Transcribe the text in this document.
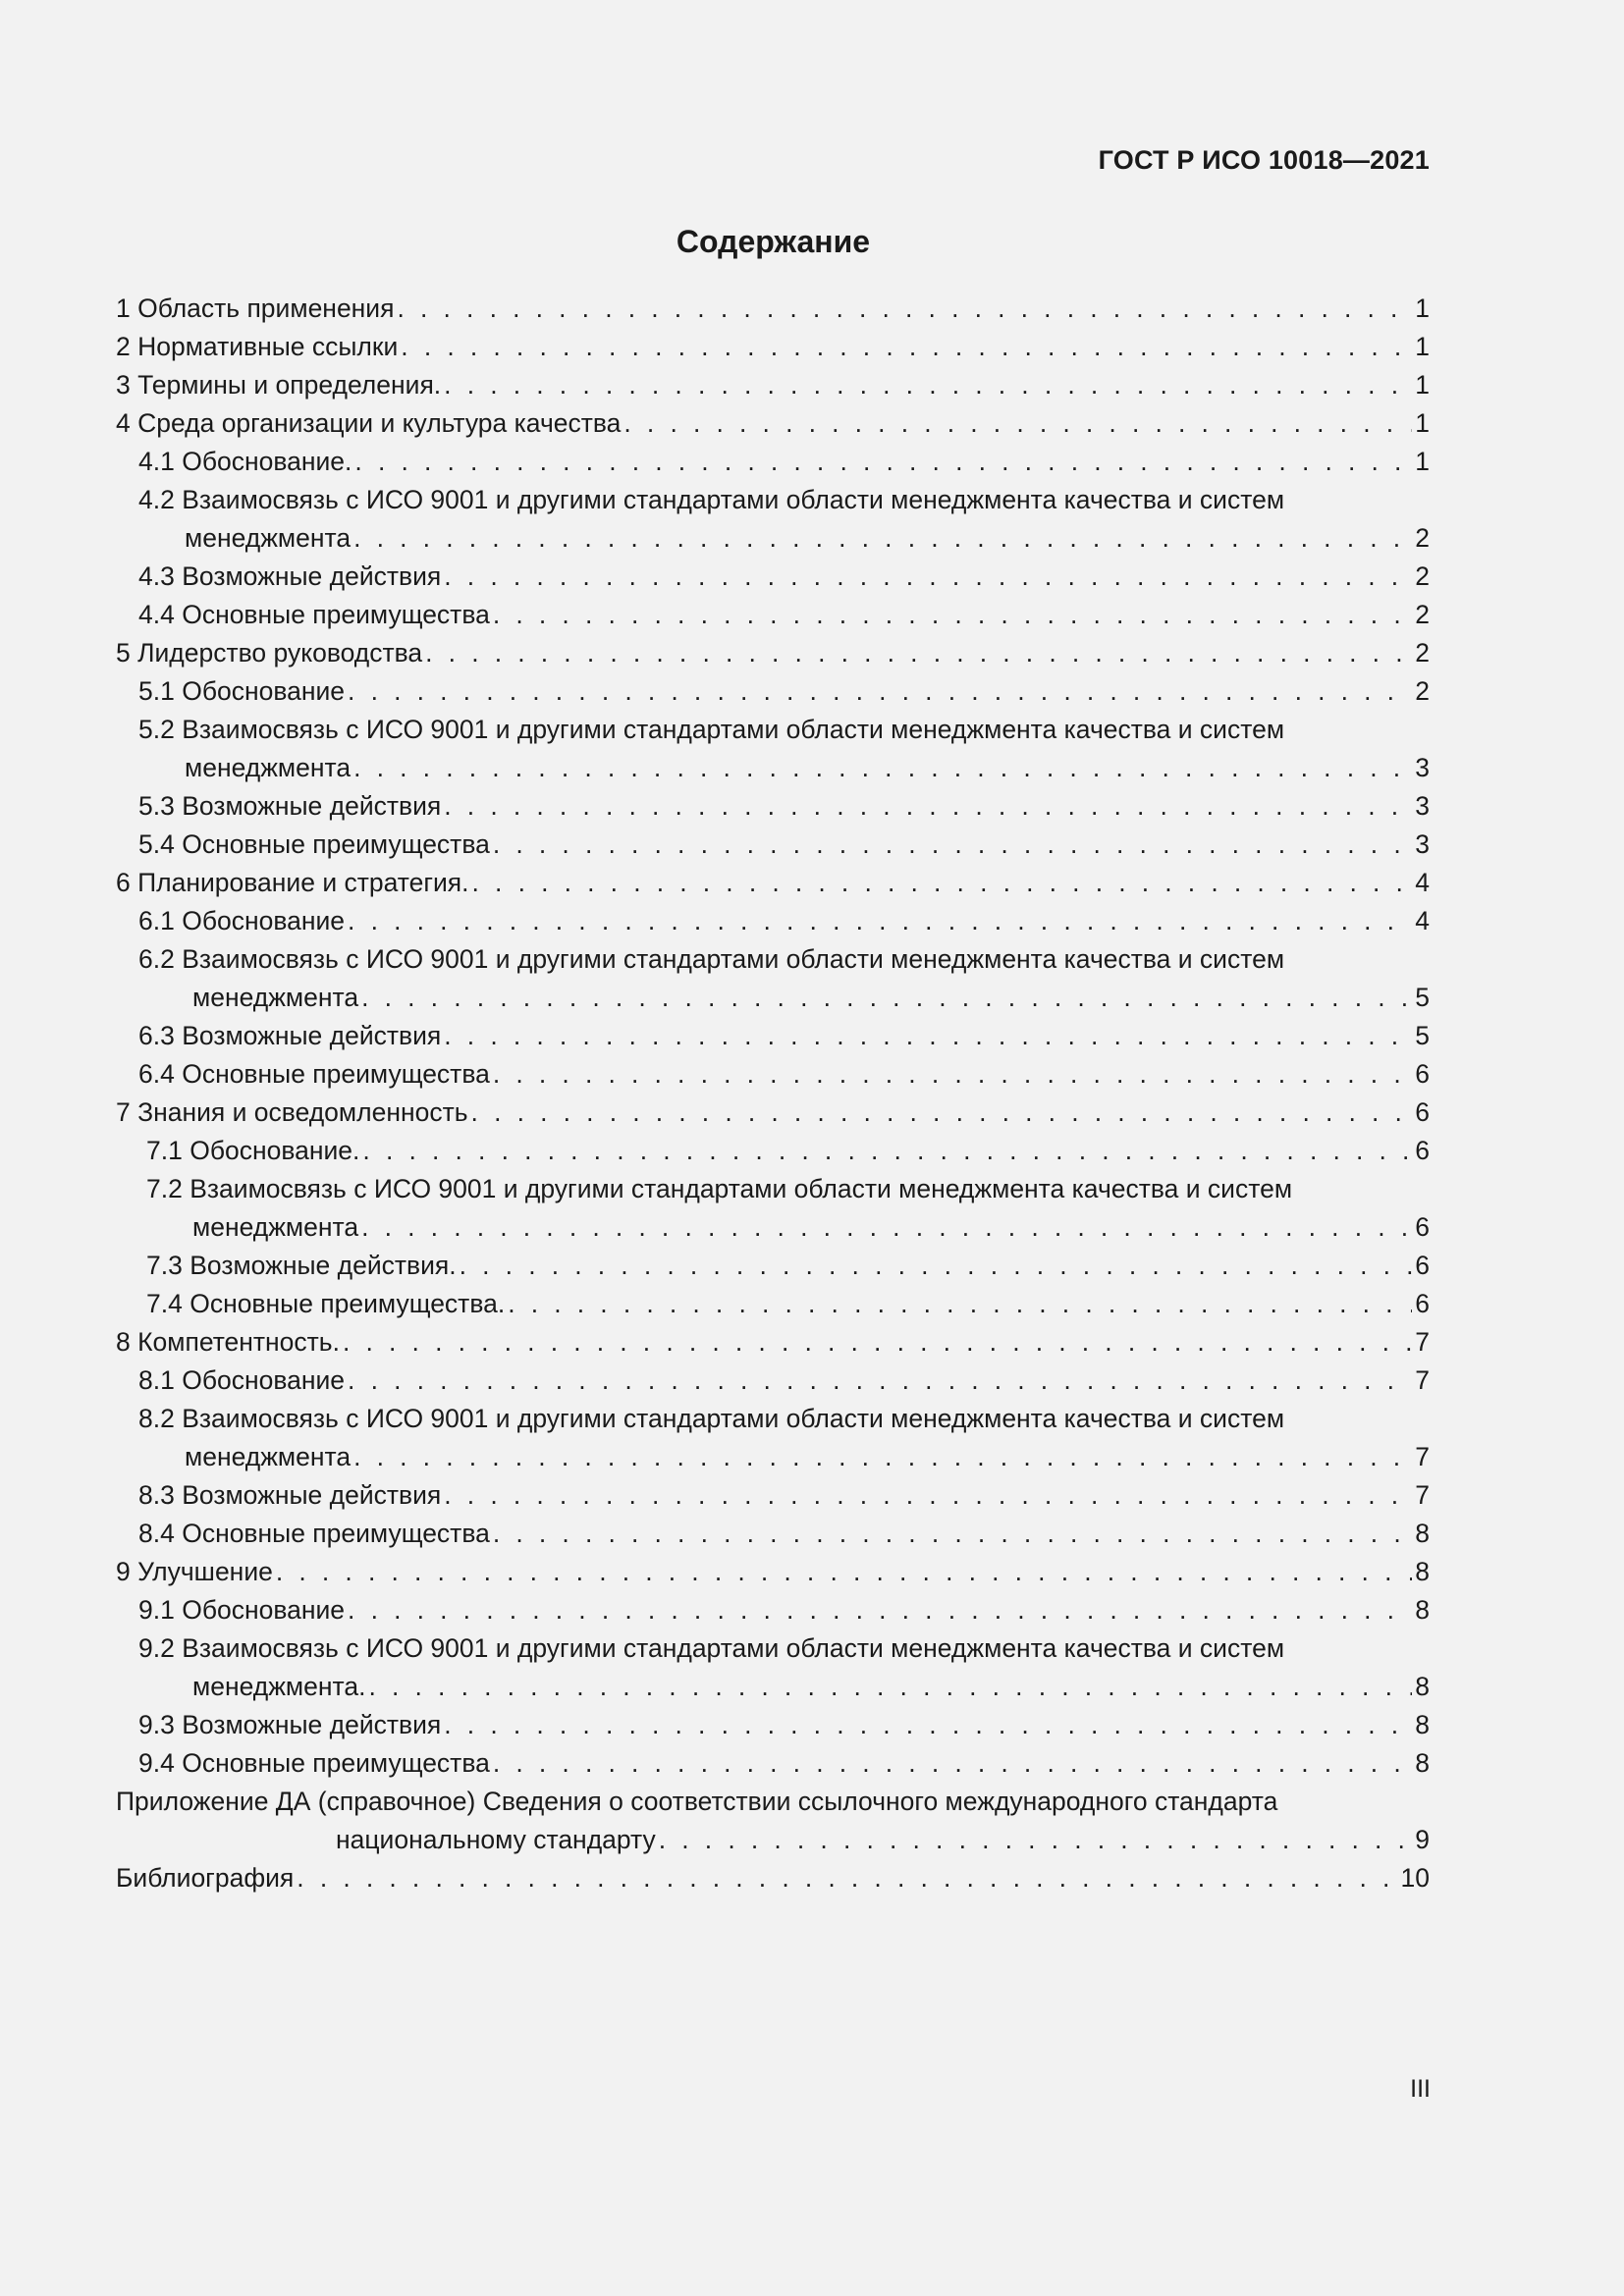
ГОСТ Р ИСО 10018—2021
Содержание
1 Область применения . . .	1
2 Нормативные ссылки . . .	1
3 Термины и определения. . . .	1
4 Среда организации и культура качества . . .	1
4.1 Обоснование. . . .	1
4.2 Взаимосвязь с ИСО 9001 и другими стандартами области менеджмента качества и систем
менеджмента . . .	2
4.3 Возможные действия . . .	2
4.4 Основные преимущества . . .	2
5 Лидерство руководства . . .	2
5.1 Обоснование . . .	2
5.2 Взаимосвязь с ИСО 9001 и другими стандартами области менеджмента качества и систем
менеджмента . . .	3
5.3 Возможные действия . . .	3
5.4 Основные преимущества . . .	3
6 Планирование и стратегия. . . .	4
6.1 Обоснование . . .	4
6.2 Взаимосвязь с ИСО 9001 и другими стандартами области менеджмента качества и систем
менеджмента . . .	5
6.3 Возможные действия . . .	5
6.4 Основные преимущества . . .	6
7 Знания и осведомленность . . .	6
7.1 Обоснование. . . .	6
7.2 Взаимосвязь с ИСО 9001 и другими стандартами области менеджмента качества и систем
менеджмента . . .	6
7.3 Возможные действия. . . .	6
7.4 Основные преимущества. . . .	6
8 Компетентность. . . .	7
8.1 Обоснование . . .	7
8.2 Взаимосвязь с ИСО 9001 и другими стандартами области менеджмента качества и систем
менеджмента . . .	7
8.3 Возможные действия . . .	7
8.4 Основные преимущества . . .	8
9 Улучшение . . .	8
9.1 Обоснование . . .	8
9.2 Взаимосвязь с ИСО 9001 и другими стандартами области менеджмента качества и систем
менеджмента. . . .	8
9.3 Возможные действия . . .	8
9.4 Основные преимущества . . .	8
Приложение ДА (справочное) Сведения о соответствии ссылочного международного стандарта
национальному стандарту . . .	9
Библиография . . .	10
III
